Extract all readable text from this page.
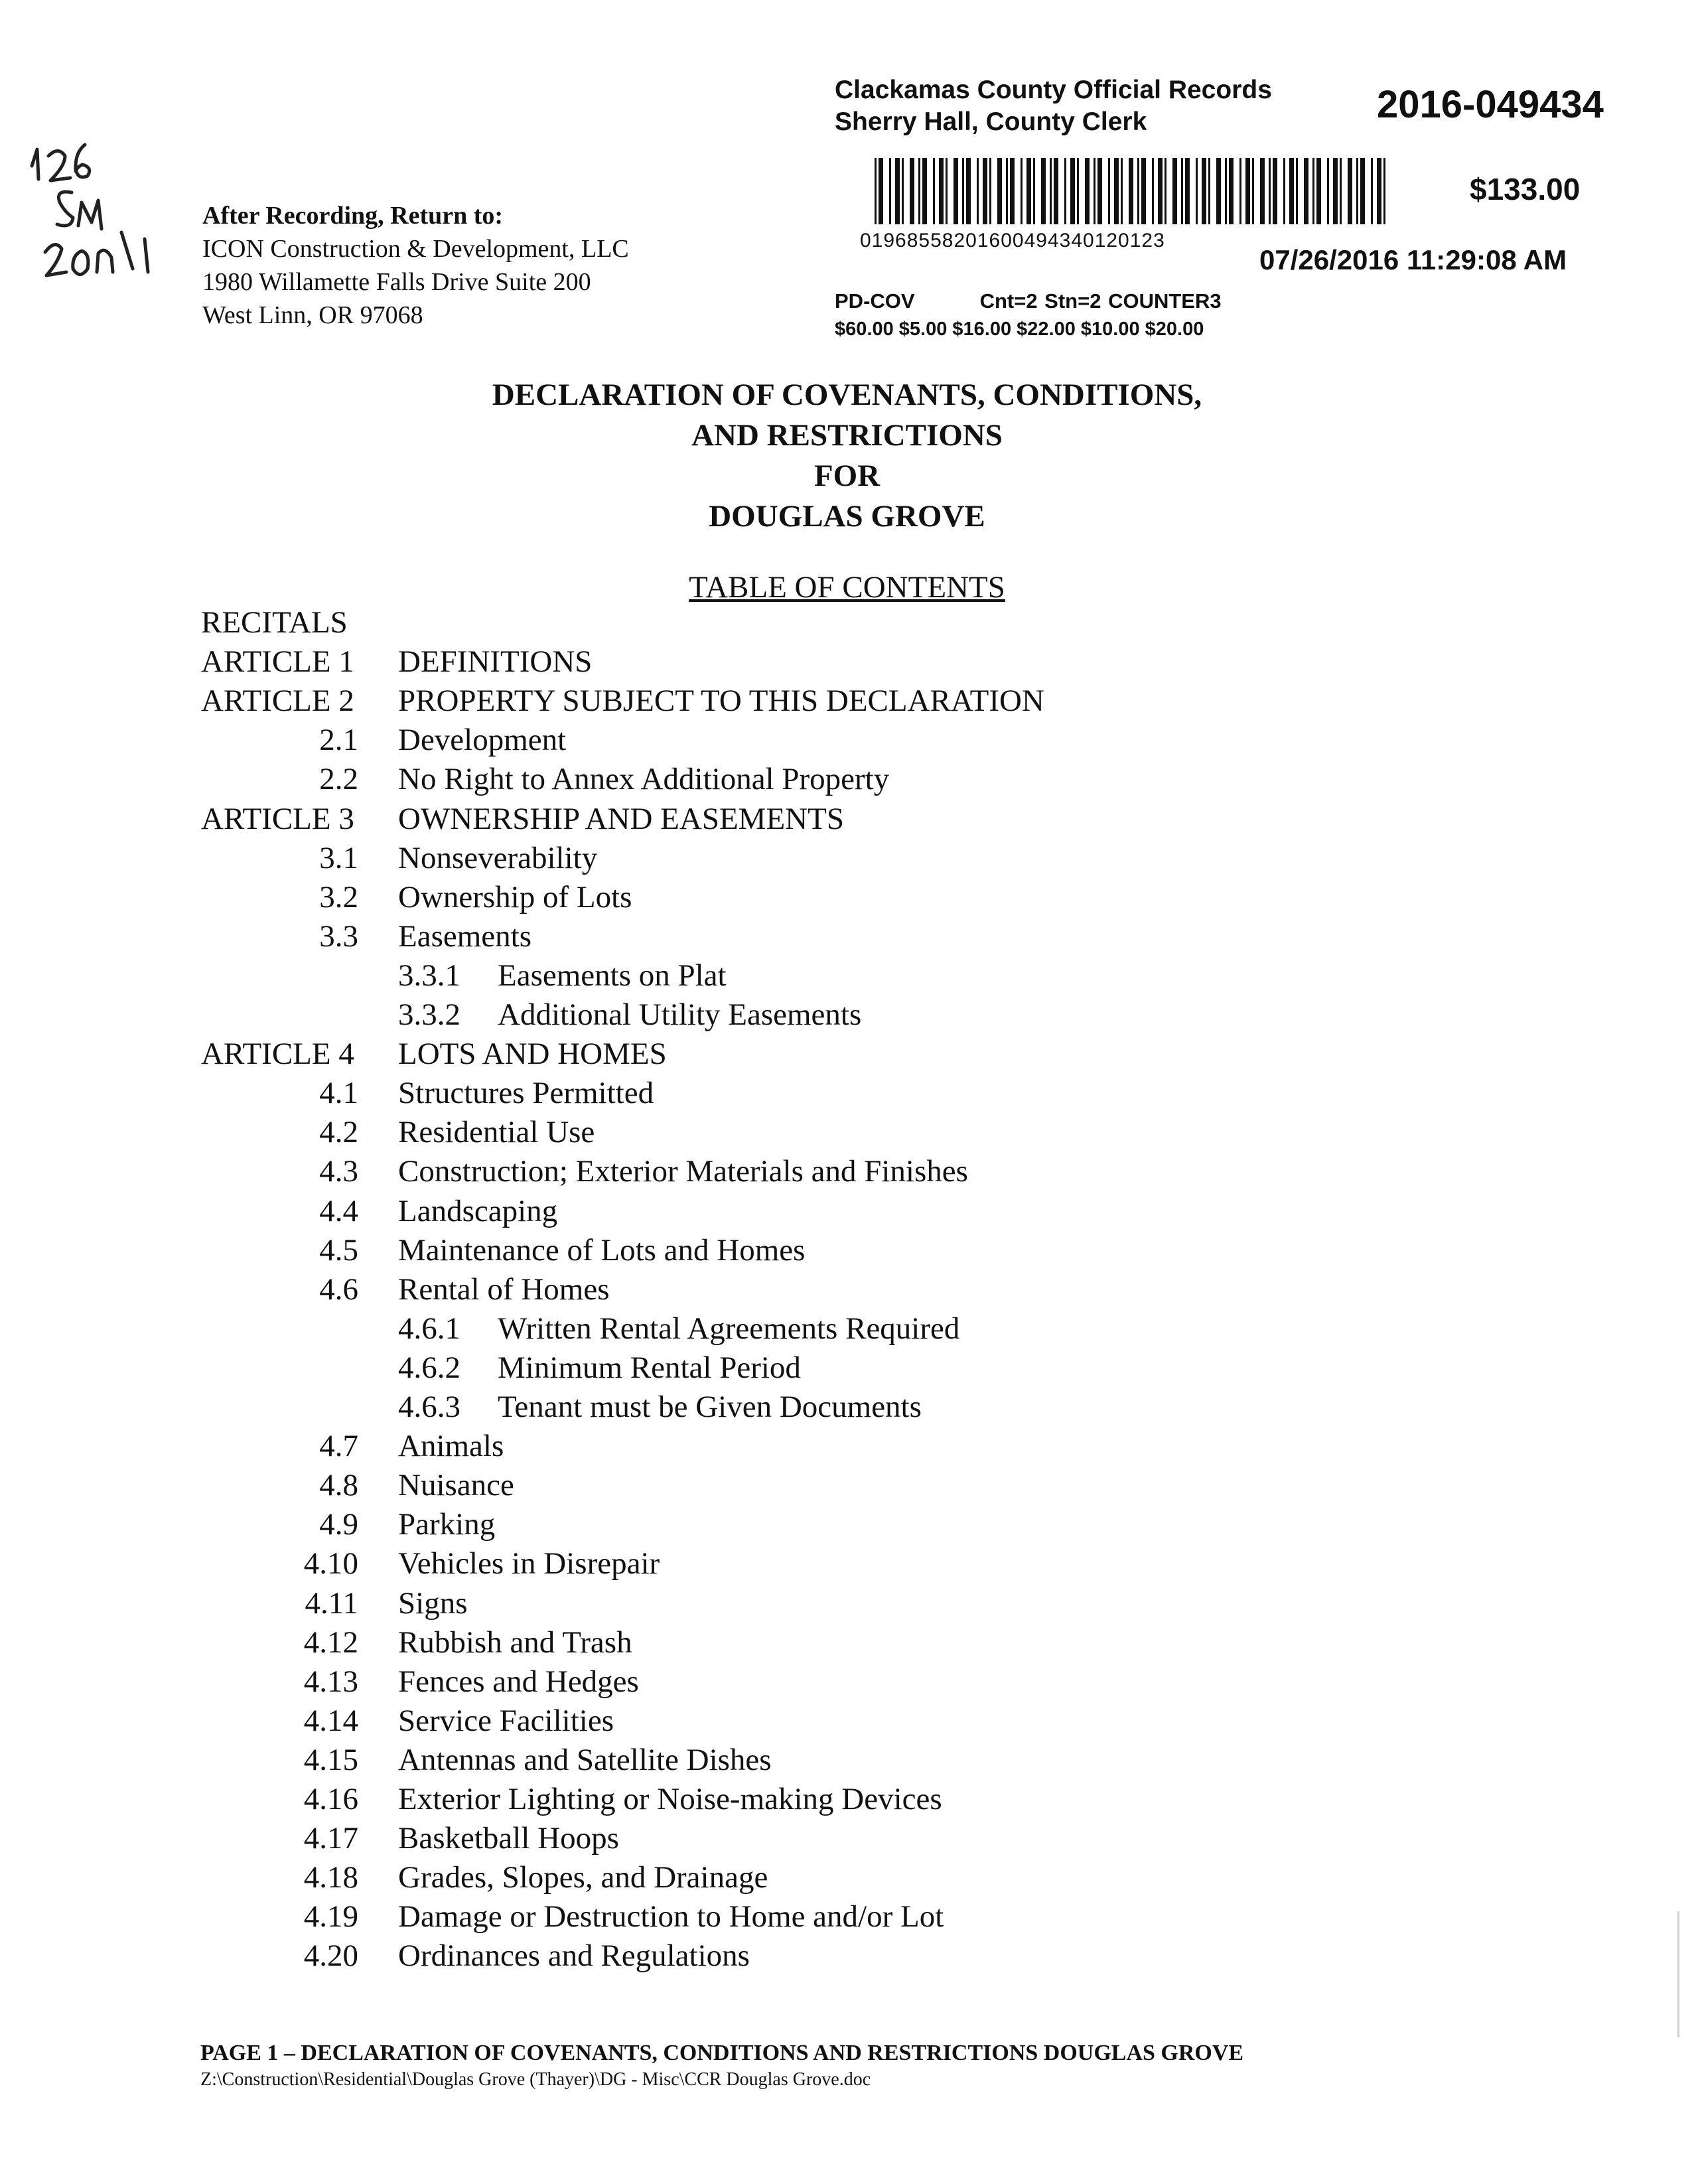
After Recording, Return to:
ICON Construction & Development, LLC
1980 Willamette Falls Drive Suite 200
West Linn, OR 97068
Clackamas County Official Records
Sherry Hall, County Clerk	2016-049434
01968558201600494340120123
$133.00
07/26/2016 11:29:08 AM
PD-COV	Cnt=2 Stn=2 COUNTER3
$60.00 $5.00 $16.00 $22.00 $10.00 $20.00
DECLARATION OF COVENANTS, CONDITIONS,
AND RESTRICTIONS
FOR
DOUGLAS GROVE
TABLE OF CONTENTS
RECITALS
ARTICLE 1 DEFINITIONS
ARTICLE 2 PROPERTY SUBJECT TO THIS DECLARATION
2.1 Development
2.2 No Right to Annex Additional Property
ARTICLE 3 OWNERSHIP AND EASEMENTS
3.1 Nonseverability
3.2 Ownership of Lots
3.3 Easements
3.3.1 Easements on Plat
3.3.2 Additional Utility Easements
ARTICLE 4 LOTS AND HOMES
4.1 Structures Permitted
4.2 Residential Use
4.3 Construction; Exterior Materials and Finishes
4.4 Landscaping
4.5 Maintenance of Lots and Homes
4.6 Rental of Homes
4.6.1 Written Rental Agreements Required
4.6.2 Minimum Rental Period
4.6.3 Tenant must be Given Documents
4.7 Animals
4.8 Nuisance
4.9 Parking
4.10 Vehicles in Disrepair
4.11 Signs
4.12 Rubbish and Trash
4.13 Fences and Hedges
4.14 Service Facilities
4.15 Antennas and Satellite Dishes
4.16 Exterior Lighting or Noise-making Devices
4.17 Basketball Hoops
4.18 Grades, Slopes, and Drainage
4.19 Damage or Destruction to Home and/or Lot
4.20 Ordinances and Regulations
PAGE 1 – DECLARATION OF COVENANTS, CONDITIONS AND RESTRICTIONS DOUGLAS GROVE
Z:\Construction\Residential\Douglas Grove (Thayer)\DG - Misc\CCR Douglas Grove.doc
